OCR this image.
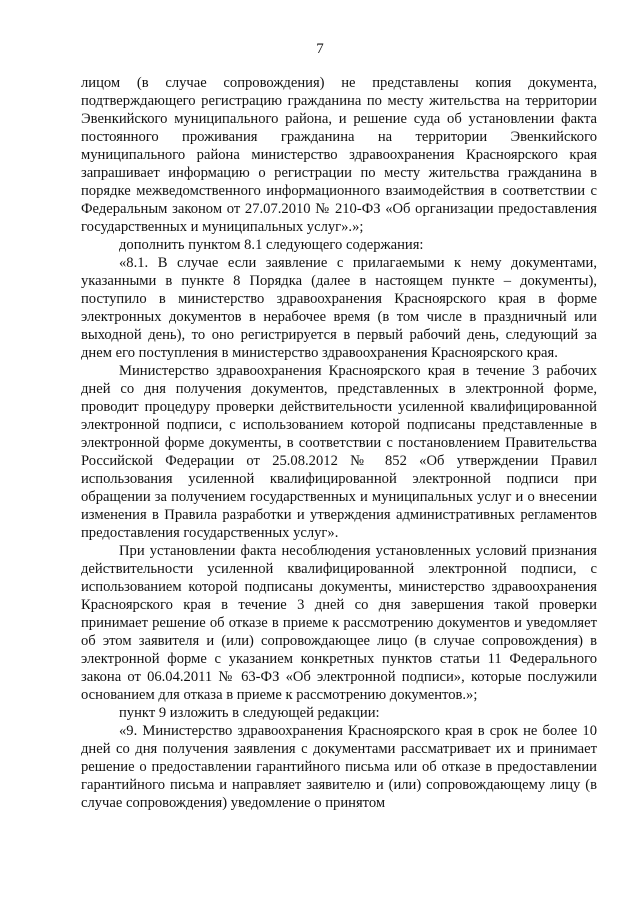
7

лицом (в случае сопровождения) не представлены копия документа, подтверждающего регистрацию гражданина по месту жительства на территории Эвенкийского муниципального района, и решение суда об установлении факта постоянного проживания гражданина на территории Эвенкийского муниципального района министерство здравоохранения Красноярского края запрашивает информацию о регистрации по месту жительства гражданина в порядке межведомственного информационного взаимодействия в соответствии с Федеральным законом от 27.07.2010 № 210-ФЗ «Об организации предоставления государственных и муниципальных услуг».»;

дополнить пунктом 8.1 следующего содержания:

«8.1. В случае если заявление с прилагаемыми к нему документами, указанными в пункте 8 Порядка (далее в настоящем пункте – документы), поступило в министерство здравоохранения Красноярского края в форме электронных документов в нерабочее время (в том числе в праздничный или выходной день), то оно регистрируется в первый рабочий день, следующий за днем его поступления в министерство здравоохранения Красноярского края.

Министерство здравоохранения Красноярского края в течение 3 рабочих дней со дня получения документов, представленных в электронной форме, проводит процедуру проверки действительности усиленной квалифицированной электронной подписи, с использованием которой подписаны представленные в электронной форме документы, в соответствии с постановлением Правительства Российской Федерации от 25.08.2012 № 852 «Об утверждении Правил использования усиленной квалифицированной электронной подписи при обращении за получением государственных и муниципальных услуг и о внесении изменения в Правила разработки и утверждения административных регламентов предоставления государственных услуг».

При установлении факта несоблюдения установленных условий признания действительности усиленной квалифицированной электронной подписи, с использованием которой подписаны документы, министерство здравоохранения Красноярского края в течение 3 дней со дня завершения такой проверки принимает решение об отказе в приеме к рассмотрению документов и уведомляет об этом заявителя и (или) сопровождающее лицо (в случае сопровождения) в электронной форме с указанием конкретных пунктов статьи 11 Федерального закона от 06.04.2011 № 63-ФЗ «Об электронной подписи», которые послужили основанием для отказа в приеме к рассмотрению документов.»;

пункт 9 изложить в следующей редакции:

«9. Министерство здравоохранения Красноярского края в срок не более 10 дней со дня получения заявления с документами рассматривает их и принимает решение о предоставлении гарантийного письма или об отказе в предоставлении гарантийного письма и направляет заявителю и (или) сопровождающему лицу (в случае сопровождения) уведомление о принятом
